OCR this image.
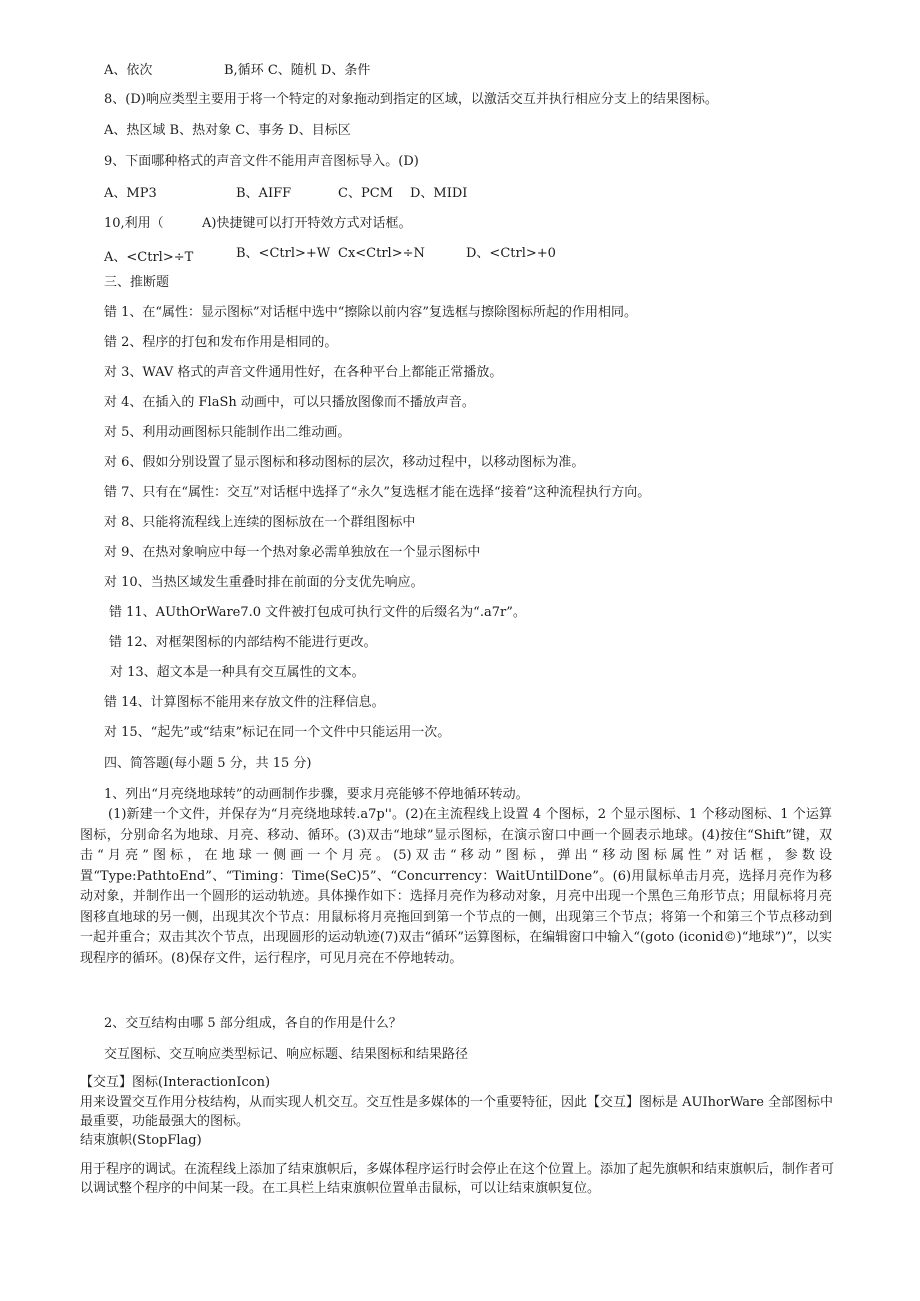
A、依次	B,循环 C、随机 D、条件
8、(D)响应类型主要用于将一个特定的对象拖动到指定的区域，以激活交互并执行相应分支上的结果图标。
A、热区域 B、热对象 C、事务 D、目标区
9、下面哪种格式的声音文件不能用声音图标导入。(D)
A、MP3	B、AIFF	C、PCM D、MIDI
10,利用（	A)快捷键可以打开特效方式对话框。
A、<Ctrl>÷T	B、<Ctrl>+W Cx<Ctrl>÷N	D、<Ctrl>+0
三、推断题
错 1、在“属性：显示图标”对话框中选中“擦除以前内容”复选框与擦除图标所起的作用相同。
错 2、程序的打包和发布作用是相同的。
对 3、WAV 格式的声音文件通用性好，在各种平台上都能正常播放。
对 4、在插入的 FlaSh 动画中，可以只播放图像而不播放声音。
对 5、利用动画图标只能制作出二维动画。
对 6、假如分别设置了显示图标和移动图标的层次，移动过程中，以移动图标为准。
错 7、只有在“属性：交互”对话框中选择了“永久”复选框才能在选择“接着”这种流程执行方向。
对 8、只能将流程线上连续的图标放在一个群组图标中
对 9、在热对象响应中每一个热对象必需单独放在一个显示图标中
对 10、当热区域发生重叠时排在前面的分支优先响应。
错 11、AUthOrWare7.0 文件被打包成可执行文件的后缀名为“.a7r”。
错 12、对框架图标的内部结构不能进行更改。
对 13、超文本是一种具有交互属性的文本。
错 14、计算图标不能用来存放文件的注释信息。
对 15、“起先”或“结束”标记在同一个文件中只能运用一次。
四、简答题(每小题 5 分，共 15 分)
1、列出“月亮绕地球转”的动画制作步骤，要求月亮能够不停地循环转动。
(1)新建一个文件，并保存为“月亮绕地球转.a7p''。(2)在主流程线上设置 4 个图标，2 个显示图标、1 个移动图标、1 个运算图标，分别命名为地球、月亮、移动、循环。(3)双击“地球”显示图标，在演示窗口中画一个圆表示地球。(4)按住“Shift”键，双击“月亮”图标，在地球一侧画一个月亮。(5)双击“移动”图标，弹出“移动图标属性”对话框，参数设置“Type:PathtoEnd”、“Timing：Time(SeC)5”、“Concurrency：WaitUntilDone”。(6)用鼠标单击月亮，选择月亮作为移动对象，并制作出一个圆形的运动轨迹。具体操作如下：选择月亮作为移动对象，月亮中出现一个黑色三角形节点；用鼠标将月亮图移直地球的另一侧，出现其次个节点：用鼠标将月亮拖回到第一个节点的一侧，出现第三个节点；将第一个和第三个节点移动到一起并重合；双击其次个节点，出现圆形的运动轨迹(7)双击“循环”运算图标，在编辑窗口中输入“(goto (iconid©)“地球”)”，以实现程序的循环。(8)保存文件，运行程序，可见月亮在不停地转动。
2、交互结构由哪 5 部分组成，各自的作用是什么？
交互图标、交互响应类型标记、响应标题、结果图标和结果路径
【交互】图标(InteractionIcon)
用来设置交互作用分枝结构，从而实现人机交互。交互性是多媒体的一个重要特征，因此【交互】图标是 AUIhorWare 全部图标中最重要，功能最强大的图标。
结束旗帜(StopFlag)
用于程序的调试。在流程线上添加了结束旗帜后，多媒体程序运行时会停止在这个位置上。添加了起先旗帜和结束旗帜后，制作者可以调试整个程序的中间某一段。在工具栏上结束旗帜位置单击鼠标，可以让结束旗帜复位。
